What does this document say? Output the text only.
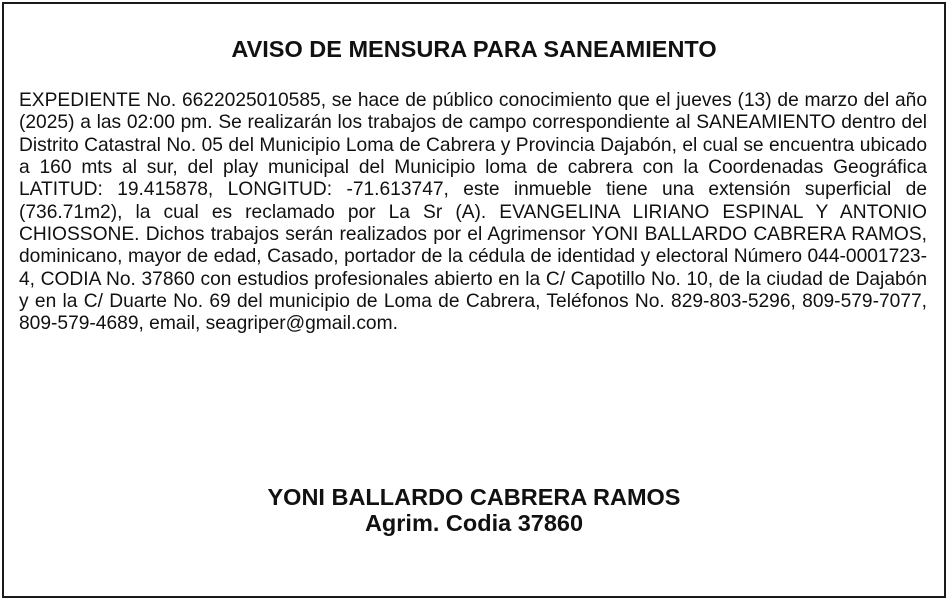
AVISO DE MENSURA PARA SANEAMIENTO

EXPEDIENTE No. 6622025010585, se hace de público conocimiento que el jueves (13) de marzo del año (2025) a las 02:00 pm. Se realizarán los trabajos de campo correspondiente al SANEAMIENTO dentro del Distrito Catastral No. 05 del Municipio Loma de Cabrera y Provincia Dajabón, el cual se encuentra ubicado a 160 mts al sur, del play municipal del Municipio loma de cabrera con la Coordenadas Geográfica LATITUD: 19.415878, LONGITUD: -71.613747, este inmueble tiene una extensión superficial de (736.71m2), la cual es reclamado por La Sr (A). EVANGELINA LIRIANO ESPINAL Y ANTONIO CHIOSSONE. Dichos trabajos serán realizados por el Agrimensor YONI BALLARDO CABRERA RAMOS, dominicano, mayor de edad, Casado, portador de la cédula de identidad y electoral Número 044-0001723-4, CODIA No. 37860 con estudios profesionales abierto en la C/ Capotillo No. 10, de la ciudad de Dajabón y en la C/ Duarte No. 69 del municipio de Loma de Cabrera, Teléfonos No. 829-803-5296, 809-579-7077, 809-579-4689, email, seagriper@gmail.com.

YONI BALLARDO CABRERA RAMOS

Agrim. Codia 37860
